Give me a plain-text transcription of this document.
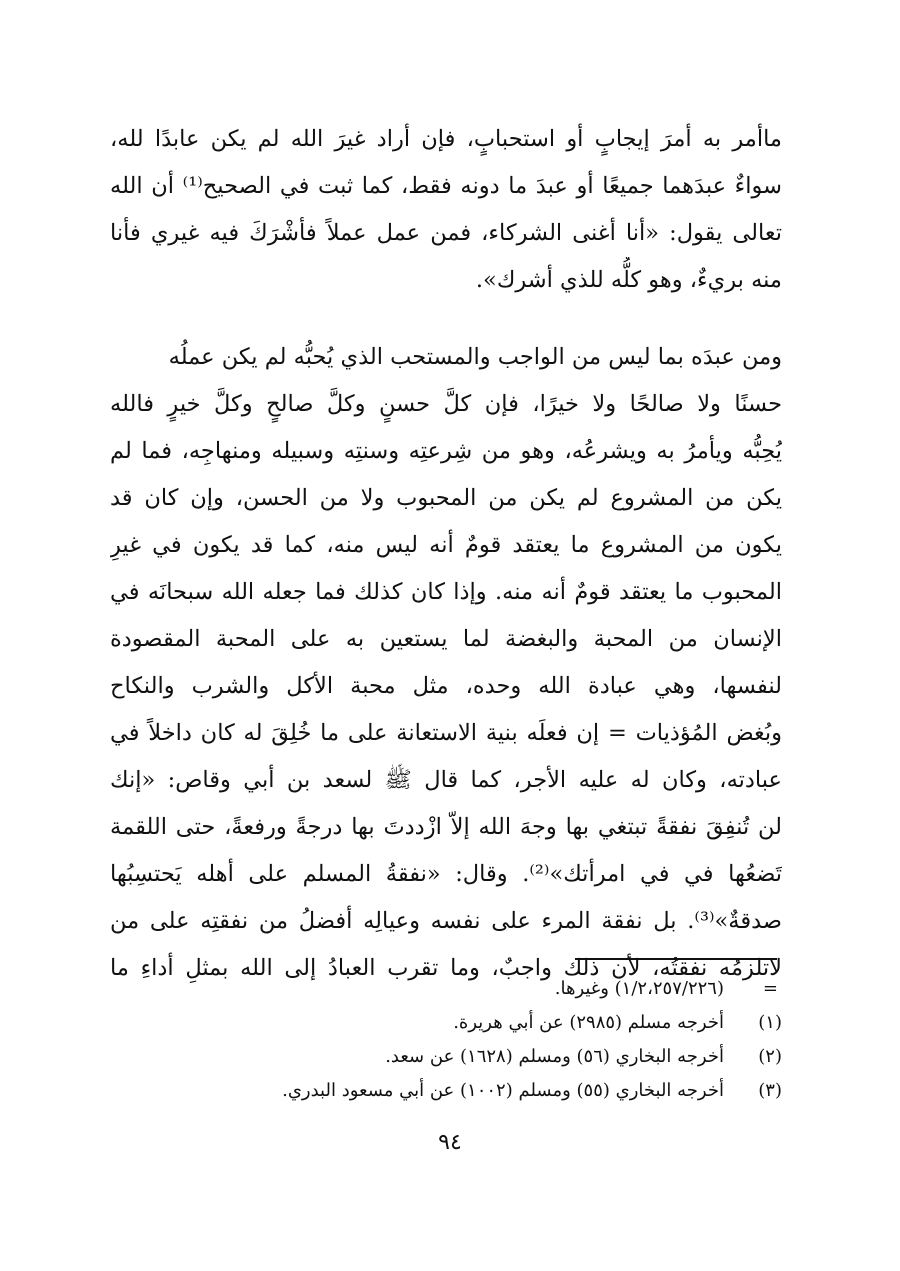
ماأمر به أمرَ إيجابٍ أو استحبابٍ، فإن أراد غيرَ الله لم يكن عابدًا لله،
سواءٌ عبدَهما جميعًا أو عبدَ ما دونه فقط، كما ثبت في الصحيح⁽¹⁾ أن الله
تعالى يقول: «أنا أغنى الشركاء، فمن عمل عملاً فأشْرَكَ فيه غيري فأنا
منه بريءٌ، وهو كلُّه للذي أشرك».
ومن عبدَه بما ليس من الواجب والمستحب الذي يُحبُّه لم يكن عملُه
حسنًا ولا صالحًا ولا خيرًا، فإن كلَّ حسنٍ وكلَّ صالحٍ وكلَّ خيرٍ فالله
يُحِبُّه ويأمرُ به ويشرعُه، وهو من شِرعتِه وسنتِه وسبيله ومنهاجِه، فما لم
يكن من المشروع لم يكن من المحبوب ولا من الحسن، وإن كان قد
يكون من المشروع ما يعتقد قومٌ أنه ليس منه، كما قد يكون في غيرِ
المحبوب ما يعتقد قومٌ أنه منه. وإذا كان كذلك فما جعله الله سبحانَه في
الإنسان من المحبة والبغضة لما يستعين به على المحبة المقصودة
لنفسها، وهي عبادة الله وحده، مثل محبة الأكل والشرب والنكاح
وبُغض المُؤذيات = إن فعلَه بنية الاستعانة على ما خُلِقَ له كان داخلاً في
عبادته، وكان له عليه الأجر، كما قال ﷺ لسعد بن أبي وقاص: «إنك
لن تُنفِقَ نفقةً تبتغي بها وجهَ الله إلاّ ازْددتَ بها درجةً ورفعةً، حتى اللقمة
تَضعُها في في امرأتك»⁽²⁾. وقال: «نفقةُ المسلم على أهله يَحتسِبُها
صدقةٌ»⁽³⁾. بل نفقة المرء على نفسه وعيالِه أفضلُ من نفقتِه على من
لاتلزمُه نفقتُه، لأن ذلك واجبٌ، وما تقرب العبادُ إلى الله بمثلِ أداءِ ما
=
(١/٢،٢٥٧/٢٢٦) وغيرها.
(١)
أخرجه مسلم (٢٩٨٥) عن أبي هريرة.
(٢)
أخرجه البخاري (٥٦) ومسلم (١٦٢٨) عن سعد.
(٣)
أخرجه البخاري (٥٥) ومسلم (١٠٠٢) عن أبي مسعود البدري.
٩٤
